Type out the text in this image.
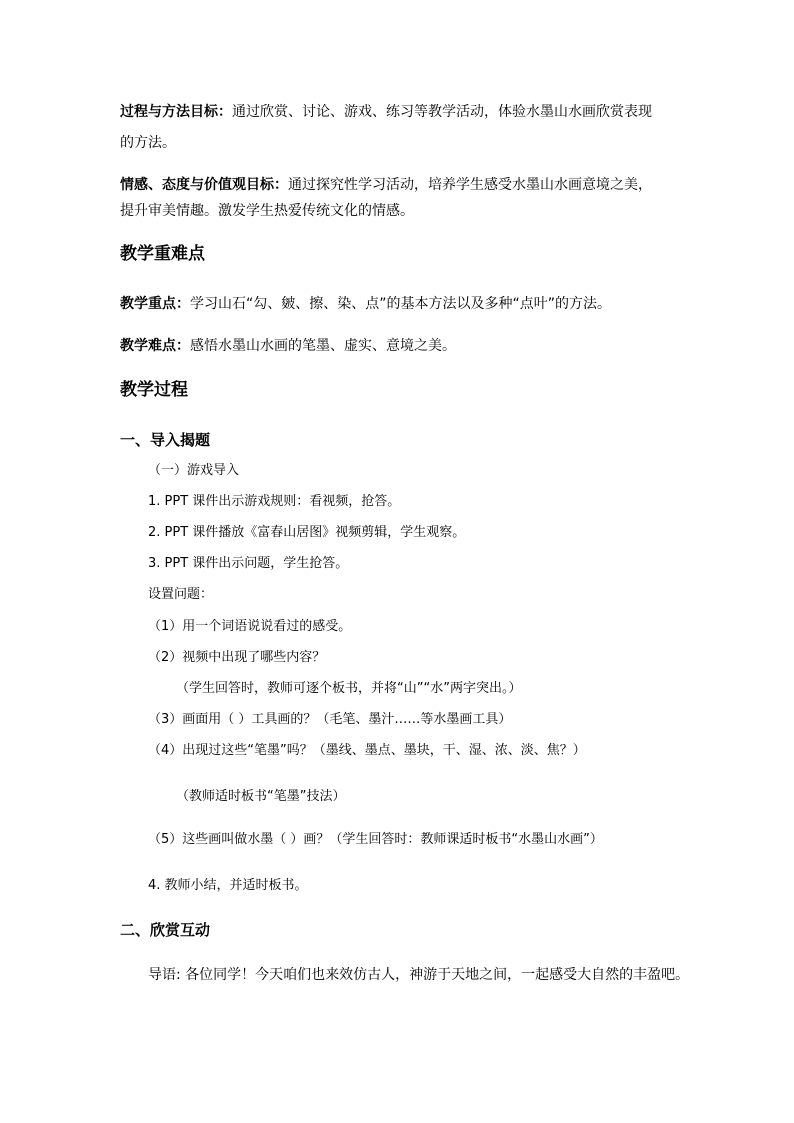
过程与方法目标：通过欣赏、讨论、游戏、练习等教学活动，体验水墨山水画欣赏表现
的方法。
情感、态度与价值观目标：通过探究性学习活动，培养学生感受水墨山水画意境之美，
提升审美情趣。激发学生热爱传统文化的情感。
教学重难点
教学重点：学习山石“勾、皴、擦、染、点”的基本方法以及多种“点叶”的方法。
教学难点：感悟水墨山水画的笔墨、虚实、意境之美。
教学过程
一、导入揭题
（一）游戏导入
1. PPT 课件出示游戏规则：看视频，抢答。
2. PPT 课件播放《富春山居图》视频剪辑，学生观察。
3. PPT 课件出示问题，学生抢答。
设置问题：
（1）用一个词语说说看过的感受。
（2）视频中出现了哪些内容？
（学生回答时，教师可逐个板书，并将“山”“水”两字突出。）
（3）画面用（ ）工具画的？（毛笔、墨汁……等水墨画工具）
（4）出现过这些“笔墨”吗？（墨线、墨点、墨块，干、湿、浓、淡、焦？）
（教师适时板书“笔墨”技法）
（5）这些画叫做水墨（ ）画？（学生回答时：教师课适时板书“水墨山水画”）
4. 教师小结，并适时板书。
二、欣赏互动
导语: 各位同学！今天咱们也来效仿古人，神游于天地之间，一起感受大自然的丰盈吧。
